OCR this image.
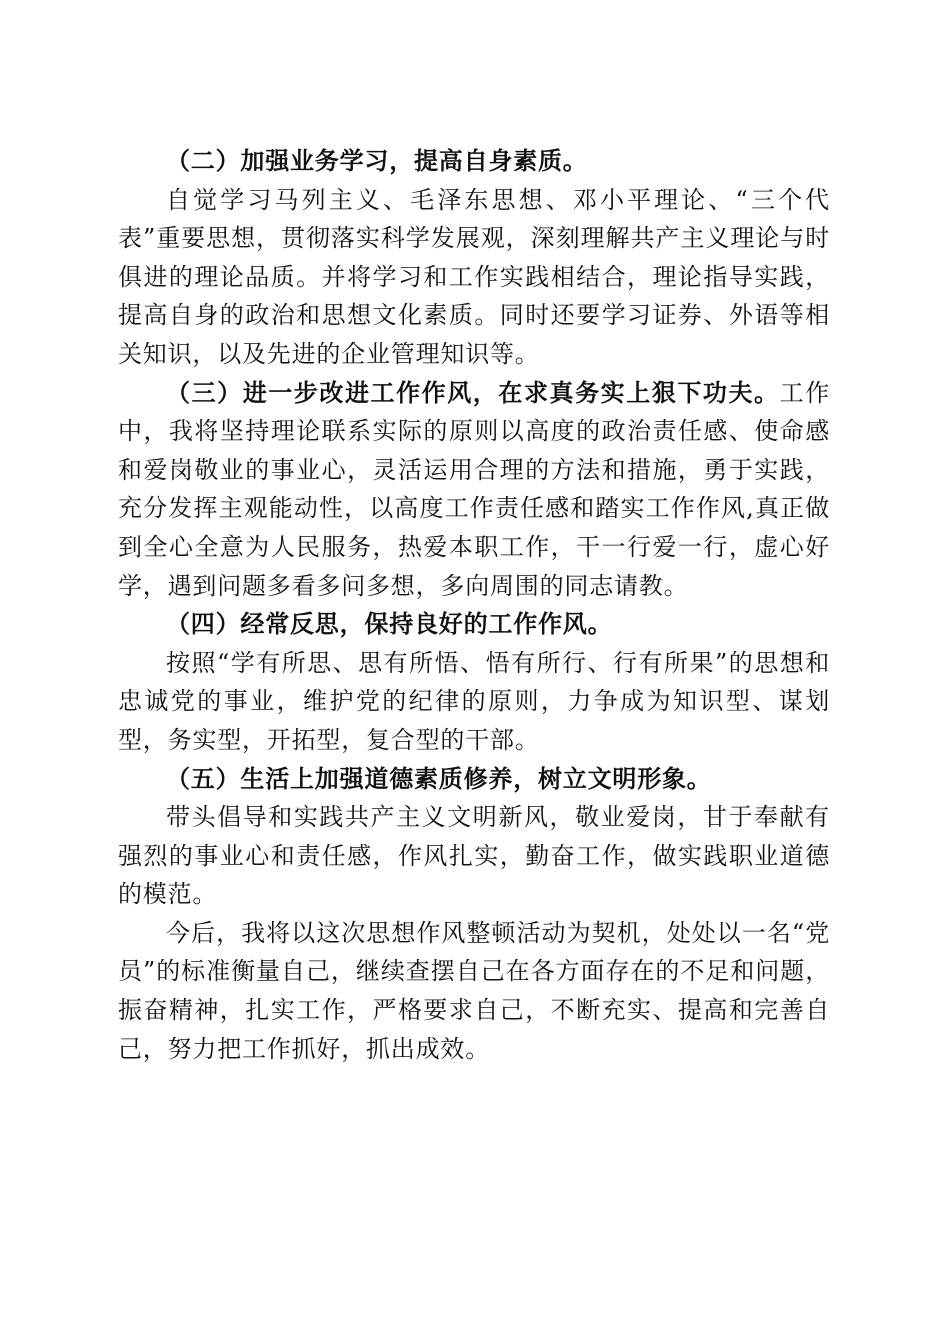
（二）加强业务学习，提高自身素质。

自觉学习马列主义、毛泽东思想、邓小平理论、“三个代表”重要思想，贯彻落实科学发展观，深刻理解共产主义理论与时俱进的理论品质。并将学习和工作实践相结合，理论指导实践，提高自身的政治和思想文化素质。同时还要学习证券、外语等相关知识，以及先进的企业管理知识等。

（三）进一步改进工作作风，在求真务实上狠下功夫。工作中，我将坚持理论联系实际的原则以高度的政治责任感、使命感和爱岗敬业的事业心，灵活运用合理的方法和措施，勇于实践，充分发挥主观能动性，以高度工作责任感和踏实工作作风,真正做到全心全意为人民服务，热爱本职工作，干一行爱一行，虚心好学，遇到问题多看多问多想，多向周围的同志请教。

（四）经常反思，保持良好的工作作风。

按照“学有所思、思有所悟、悟有所行、行有所果”的思想和忠诚党的事业，维护党的纪律的原则，力争成为知识型、谋划型，务实型，开拓型，复合型的干部。

（五）生活上加强道德素质修养，树立文明形象。

带头倡导和实践共产主义文明新风，敬业爱岗，甘于奉献有强烈的事业心和责任感，作风扎实，勤奋工作，做实践职业道德的模范。

今后，我将以这次思想作风整顿活动为契机，处处以一名“党员”的标准衡量自己，继续查摆自己在各方面存在的不足和问题，振奋精神，扎实工作，严格要求自己，不断充实、提高和完善自己，努力把工作抓好，抓出成效。
